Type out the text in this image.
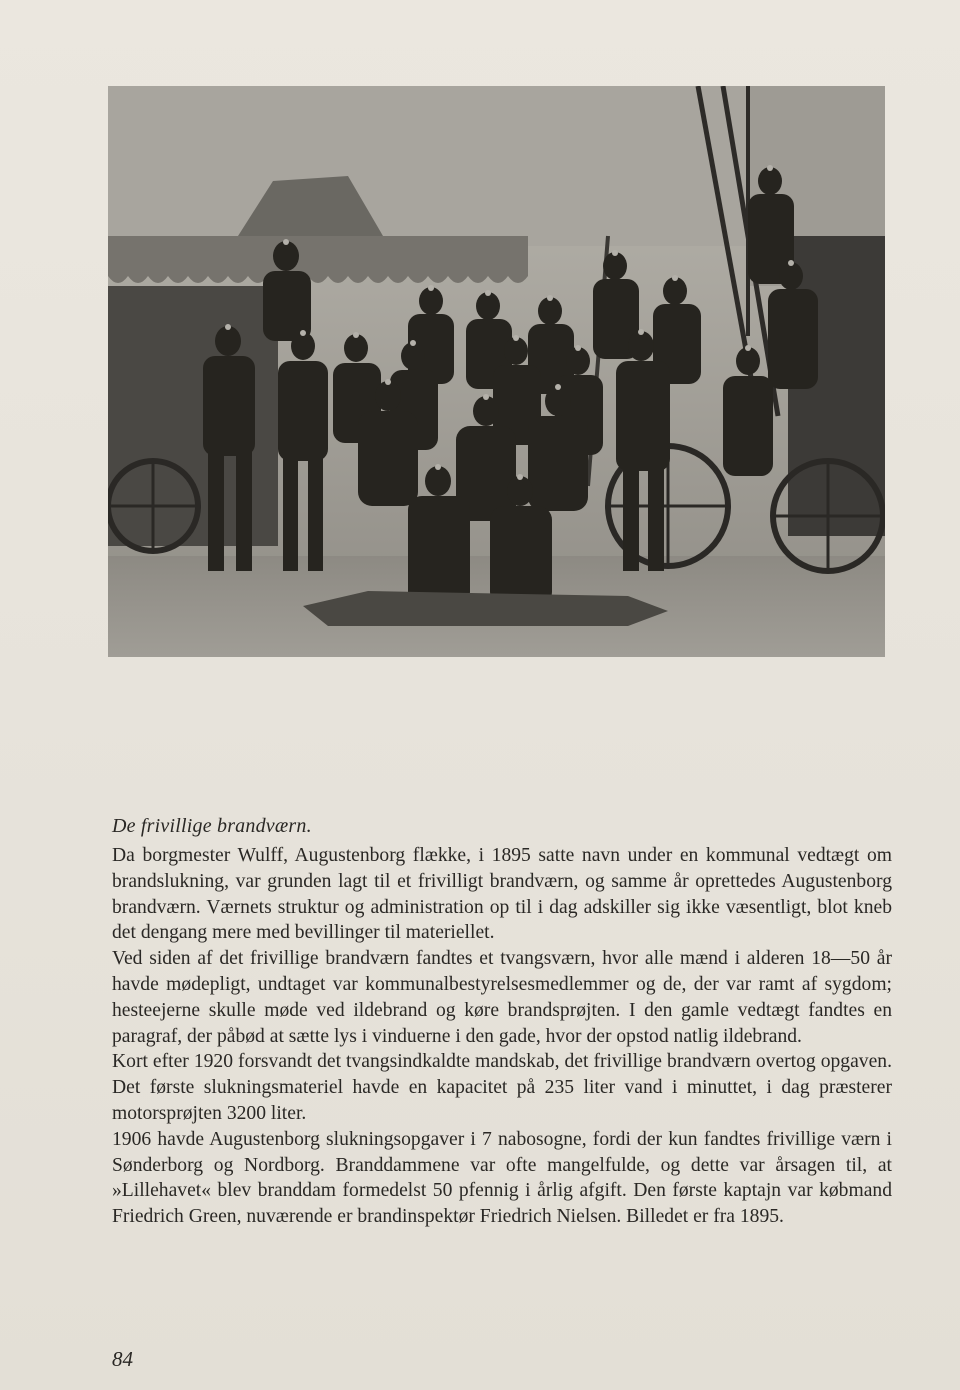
De frivillige brandværn.

Da borgmester Wulff, Augustenborg flække, i 1895 satte navn under en kommunal vedtægt om brandslukning, var grunden lagt til et frivilligt brandværn, og samme år oprettedes Augustenborg brandværn. Værnets struktur og administration op til i dag adskiller sig ikke væsentligt, blot kneb det dengang mere med bevillinger til materiellet.

Ved siden af det frivillige brandværn fandtes et tvangsværn, hvor alle mænd i alderen 18—50 år havde mødepligt, undtaget var kommunalbestyrelsesmedlemmer og de, der var ramt af sygdom; hesteejerne skulle møde ved ildebrand og køre brandsprøjten. I den gamle vedtægt fandtes en paragraf, der påbød at sætte lys i vinduerne i den gade, hvor der opstod natlig ildebrand.

Kort efter 1920 forsvandt det tvangsindkaldte mandskab, det frivillige brandværn overtog opgaven. Det første slukningsmateriel havde en kapacitet på 235 liter vand i minuttet, i dag præsterer motorsprøjten 3200 liter.

1906 havde Augustenborg slukningsopgaver i 7 nabosogne, fordi der kun fandtes frivillige værn i Sønderborg og Nordborg. Branddammene var ofte mangelfulde, og dette var årsagen til, at »Lillehavet« blev branddam formedelst 50 pfennig i årlig afgift. Den første kaptajn var købmand Friedrich Green, nuværende er brandinspektør Friedrich Nielsen. Billedet er fra 1895.

84
